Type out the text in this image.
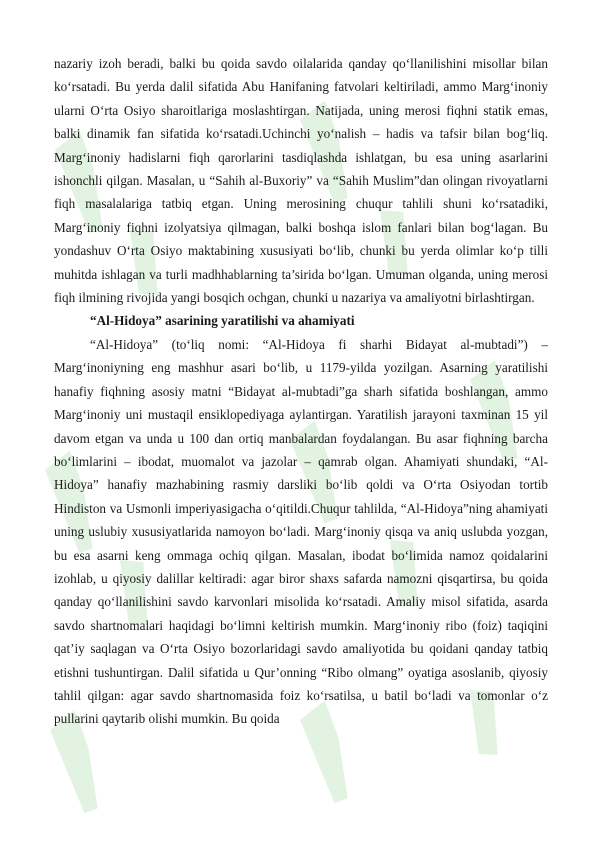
nazariy izoh beradi, balki bu qoida savdo oilalarida qanday qo‘llanilishini misollar bilan ko‘rsatadi. Bu yerda dalil sifatida Abu Hanifaning fatvolari keltiriladi, ammo Marg‘inoniy ularni O‘rta Osiyo sharoitlariga moslashtirgan. Natijada, uning merosi fiqhni statik emas, balki dinamik fan sifatida ko‘rsatadi.Uchinchi yo‘nalish – hadis va tafsir bilan bog‘liq. Marg‘inoniy hadislarni fiqh qarorlarini tasdiqlashda ishlatgan, bu esa uning asarlarini ishonchli qilgan. Masalan, u “Sahih al-Buxoriy” va “Sahih Muslim”dan olingan rivoyatlarni fiqh masalalariga tatbiq etgan. Uning merosining chuqur tahlili shuni ko‘rsatadiki, Marg‘inoniy fiqhni izolyatsiya qilmagan, balki boshqa islom fanlari bilan bog‘lagan. Bu yondashuv O‘rta Osiyo maktabining xususiyati bo‘lib, chunki bu yerda olimlar ko‘p tilli muhitda ishlagan va turli madhhablarning ta’sirida bo‘lgan. Umuman olganda, uning merosi fiqh ilmining rivojida yangi bosqich ochgan, chunki u nazariya va amaliyotni birlashtirgan.

“Al-Hidoya” asarining yaratilishi va ahamiyati

“Al-Hidoya” (to‘liq nomi: “Al-Hidoya fi sharhi Bidayat al-mubtadi”) – Marg‘inoniyning eng mashhur asari bo‘lib, u 1179-yilda yozilgan. Asarning yaratilishi hanafiy fiqhning asosiy matni “Bidayat al-mubtadi”ga sharh sifatida boshlangan, ammo Marg‘inoniy uni mustaqil ensiklopediyaga aylantirgan. Yaratilish jarayoni taxminan 15 yil davom etgan va unda u 100 dan ortiq manbalardan foydalangan. Bu asar fiqhning barcha bo‘limlarini – ibodat, muomalot va jazolar – qamrab olgan. Ahamiyati shundaki, “Al-Hidoya” hanafiy mazhabining rasmiy darsliki bo‘lib qoldi va O‘rta Osiyodan tortib Hindiston va Usmonli imperiyasigacha o‘qitildi.Chuqur tahlilda, “Al-Hidoya”ning ahamiyati uning uslubiy xususiyatlarida namoyon bo‘ladi. Marg‘inoniy qisqa va aniq uslubda yozgan, bu esa asarni keng ommaga ochiq qilgan. Masalan, ibodat bo‘limida namoz qoidalarini izohlab, u qiyosiy dalillar keltiradi: agar biror shaxs safarda namozni qisqartirsa, bu qoida qanday qo‘llanilishini savdo karvonlari misolida ko‘rsatadi. Amaliy misol sifatida, asarda savdo shartnomalari haqidagi bo‘limni keltirish mumkin. Marg‘inoniy ribo (foiz) taqiqini qat’iy saqlagan va O‘rta Osiyo bozorlaridagi savdo amaliyotida bu qoidani qanday tatbiq etishni tushuntirgan. Dalil sifatida u Qur’onning “Ribo olmang” oyatiga asoslanib, qiyosiy tahlil qilgan: agar savdo shartnomasida foiz ko‘rsatilsa, u batil bo‘ladi va tomonlar o‘z pullarini qaytarib olishi mumkin. Bu qoida
